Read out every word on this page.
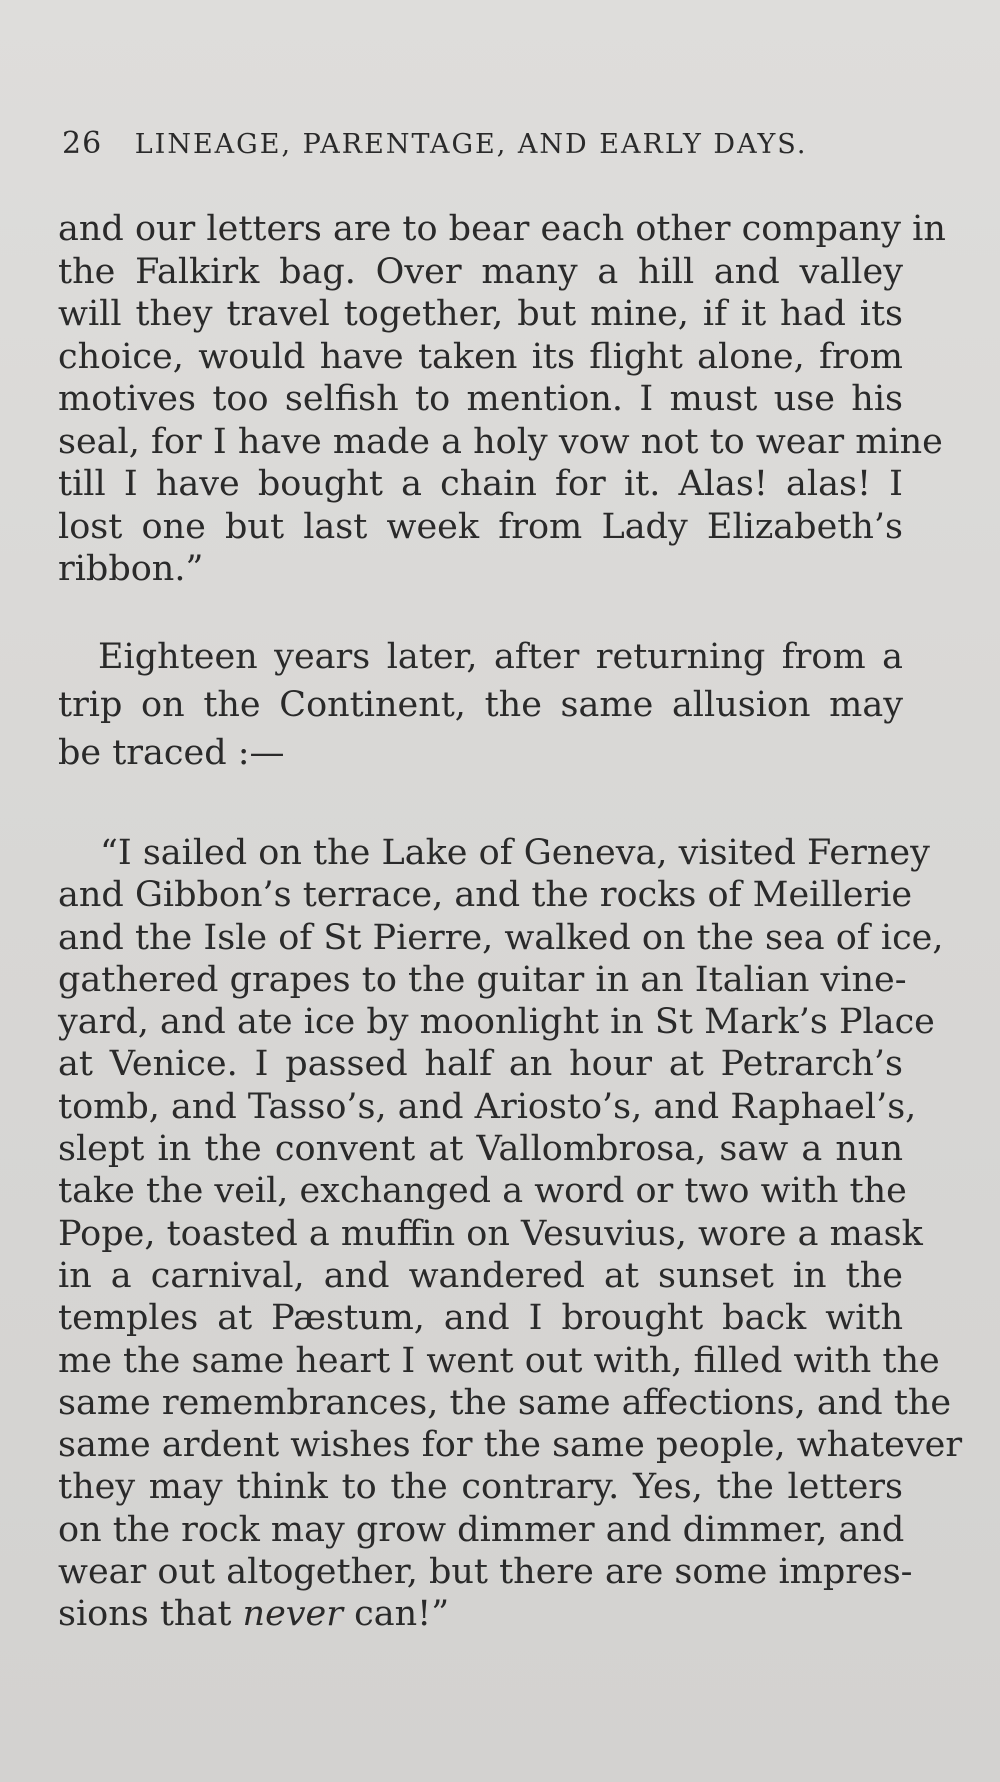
26 LINEAGE, PARENTAGE, AND EARLY DAYS.
and our letters are to bear each other company in
the Falkirk bag. Over many a hill and valley
will they travel together, but mine, if it had its
choice, would have taken its flight alone, from
motives too selfish to mention. I must use his
seal, for I have made a holy vow not to wear mine
till I have bought a chain for it. Alas! alas! I
lost one but last week from Lady Elizabeth’s
ribbon.”
Eighteen years later, after returning from a
trip on the Continent, the same allusion may
be traced :—
“I sailed on the Lake of Geneva, visited Ferney
and Gibbon’s terrace, and the rocks of Meillerie
and the Isle of St Pierre, walked on the sea of ice,
gathered grapes to the guitar in an Italian vine-
yard, and ate ice by moonlight in St Mark’s Place
at Venice. I passed half an hour at Petrarch’s
tomb, and Tasso’s, and Ariosto’s, and Raphael’s,
slept in the convent at Vallombrosa, saw a nun
take the veil, exchanged a word or two with the
Pope, toasted a muffin on Vesuvius, wore a mask
in a carnival, and wandered at sunset in the
temples at Pæstum, and I brought back with
me the same heart I went out with, filled with the
same remembrances, the same affections, and the
same ardent wishes for the same people, whatever
they may think to the contrary. Yes, the letters
on the rock may grow dimmer and dimmer, and
wear out altogether, but there are some impres-
sions that never can!”
